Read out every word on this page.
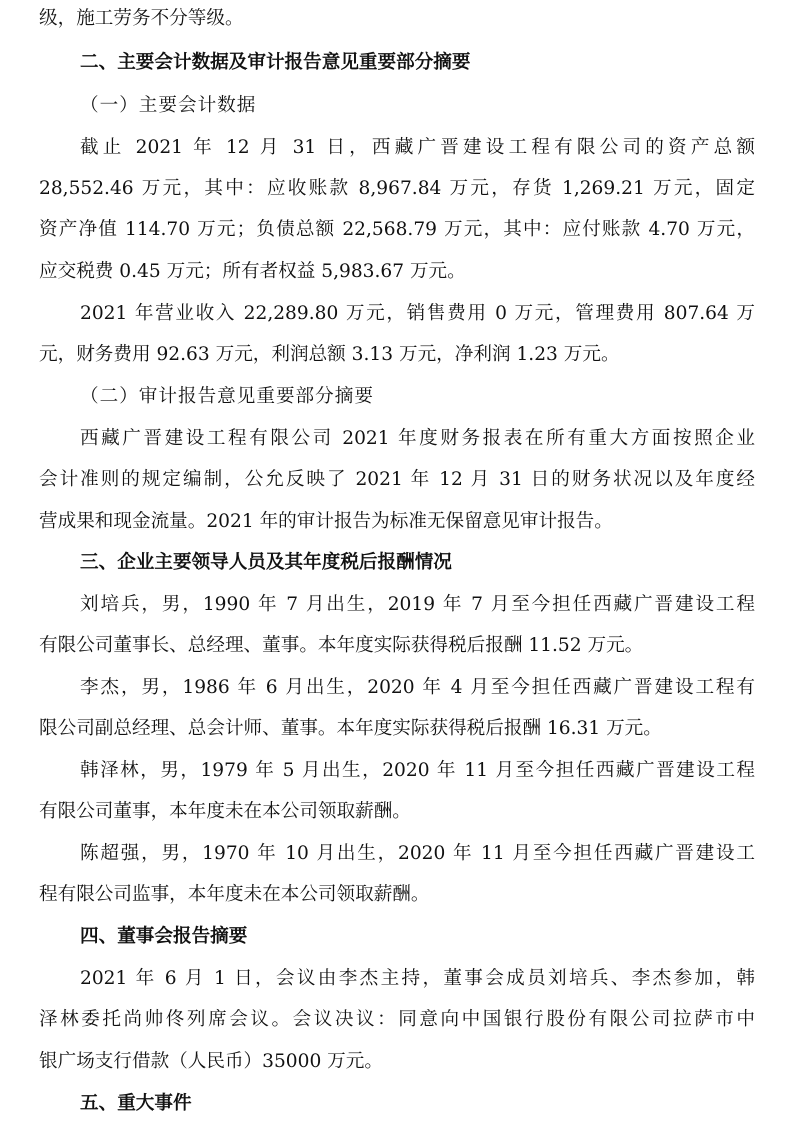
级，施工劳务不分等级。
二、主要会计数据及审计报告意见重要部分摘要
（一）主要会计数据
截止 2021 年 12 月 31 日，西藏广晋建设工程有限公司的资产总额
28,552.46 万元，其中：应收账款 8,967.84 万元，存货 1,269.21 万元，固定
资产净值 114.70 万元；负债总额 22,568.79 万元，其中：应付账款 4.70 万元，
应交税费 0.45 万元；所有者权益 5,983.67 万元。
2021 年营业收入 22,289.80 万元，销售费用 0 万元，管理费用 807.64 万
元，财务费用 92.63 万元，利润总额 3.13 万元，净利润 1.23 万元。
（二）审计报告意见重要部分摘要
西藏广晋建设工程有限公司 2021 年度财务报表在所有重大方面按照企业
会计准则的规定编制，公允反映了 2021 年 12 月 31 日的财务状况以及年度经
营成果和现金流量。2021 年的审计报告为标准无保留意见审计报告。
三、企业主要领导人员及其年度税后报酬情况
刘培兵，男，1990 年 7 月出生，2019 年 7 月至今担任西藏广晋建设工程
有限公司董事长、总经理、董事。本年度实际获得税后报酬 11.52 万元。
李杰，男，1986 年 6 月出生，2020 年 4 月至今担任西藏广晋建设工程有
限公司副总经理、总会计师、董事。本年度实际获得税后报酬 16.31 万元。
韩泽林，男，1979 年 5 月出生，2020 年 11 月至今担任西藏广晋建设工程
有限公司董事，本年度未在本公司领取薪酬。
陈超强，男，1970 年 10 月出生，2020 年 11 月至今担任西藏广晋建设工
程有限公司监事，本年度未在本公司领取薪酬。
四、董事会报告摘要
2021 年 6 月 1 日，会议由李杰主持，董事会成员刘培兵、李杰参加，韩
泽林委托尚帅佟列席会议。会议决议：同意向中国银行股份有限公司拉萨市中
银广场支行借款（人民币）35000 万元。
五、重大事件
